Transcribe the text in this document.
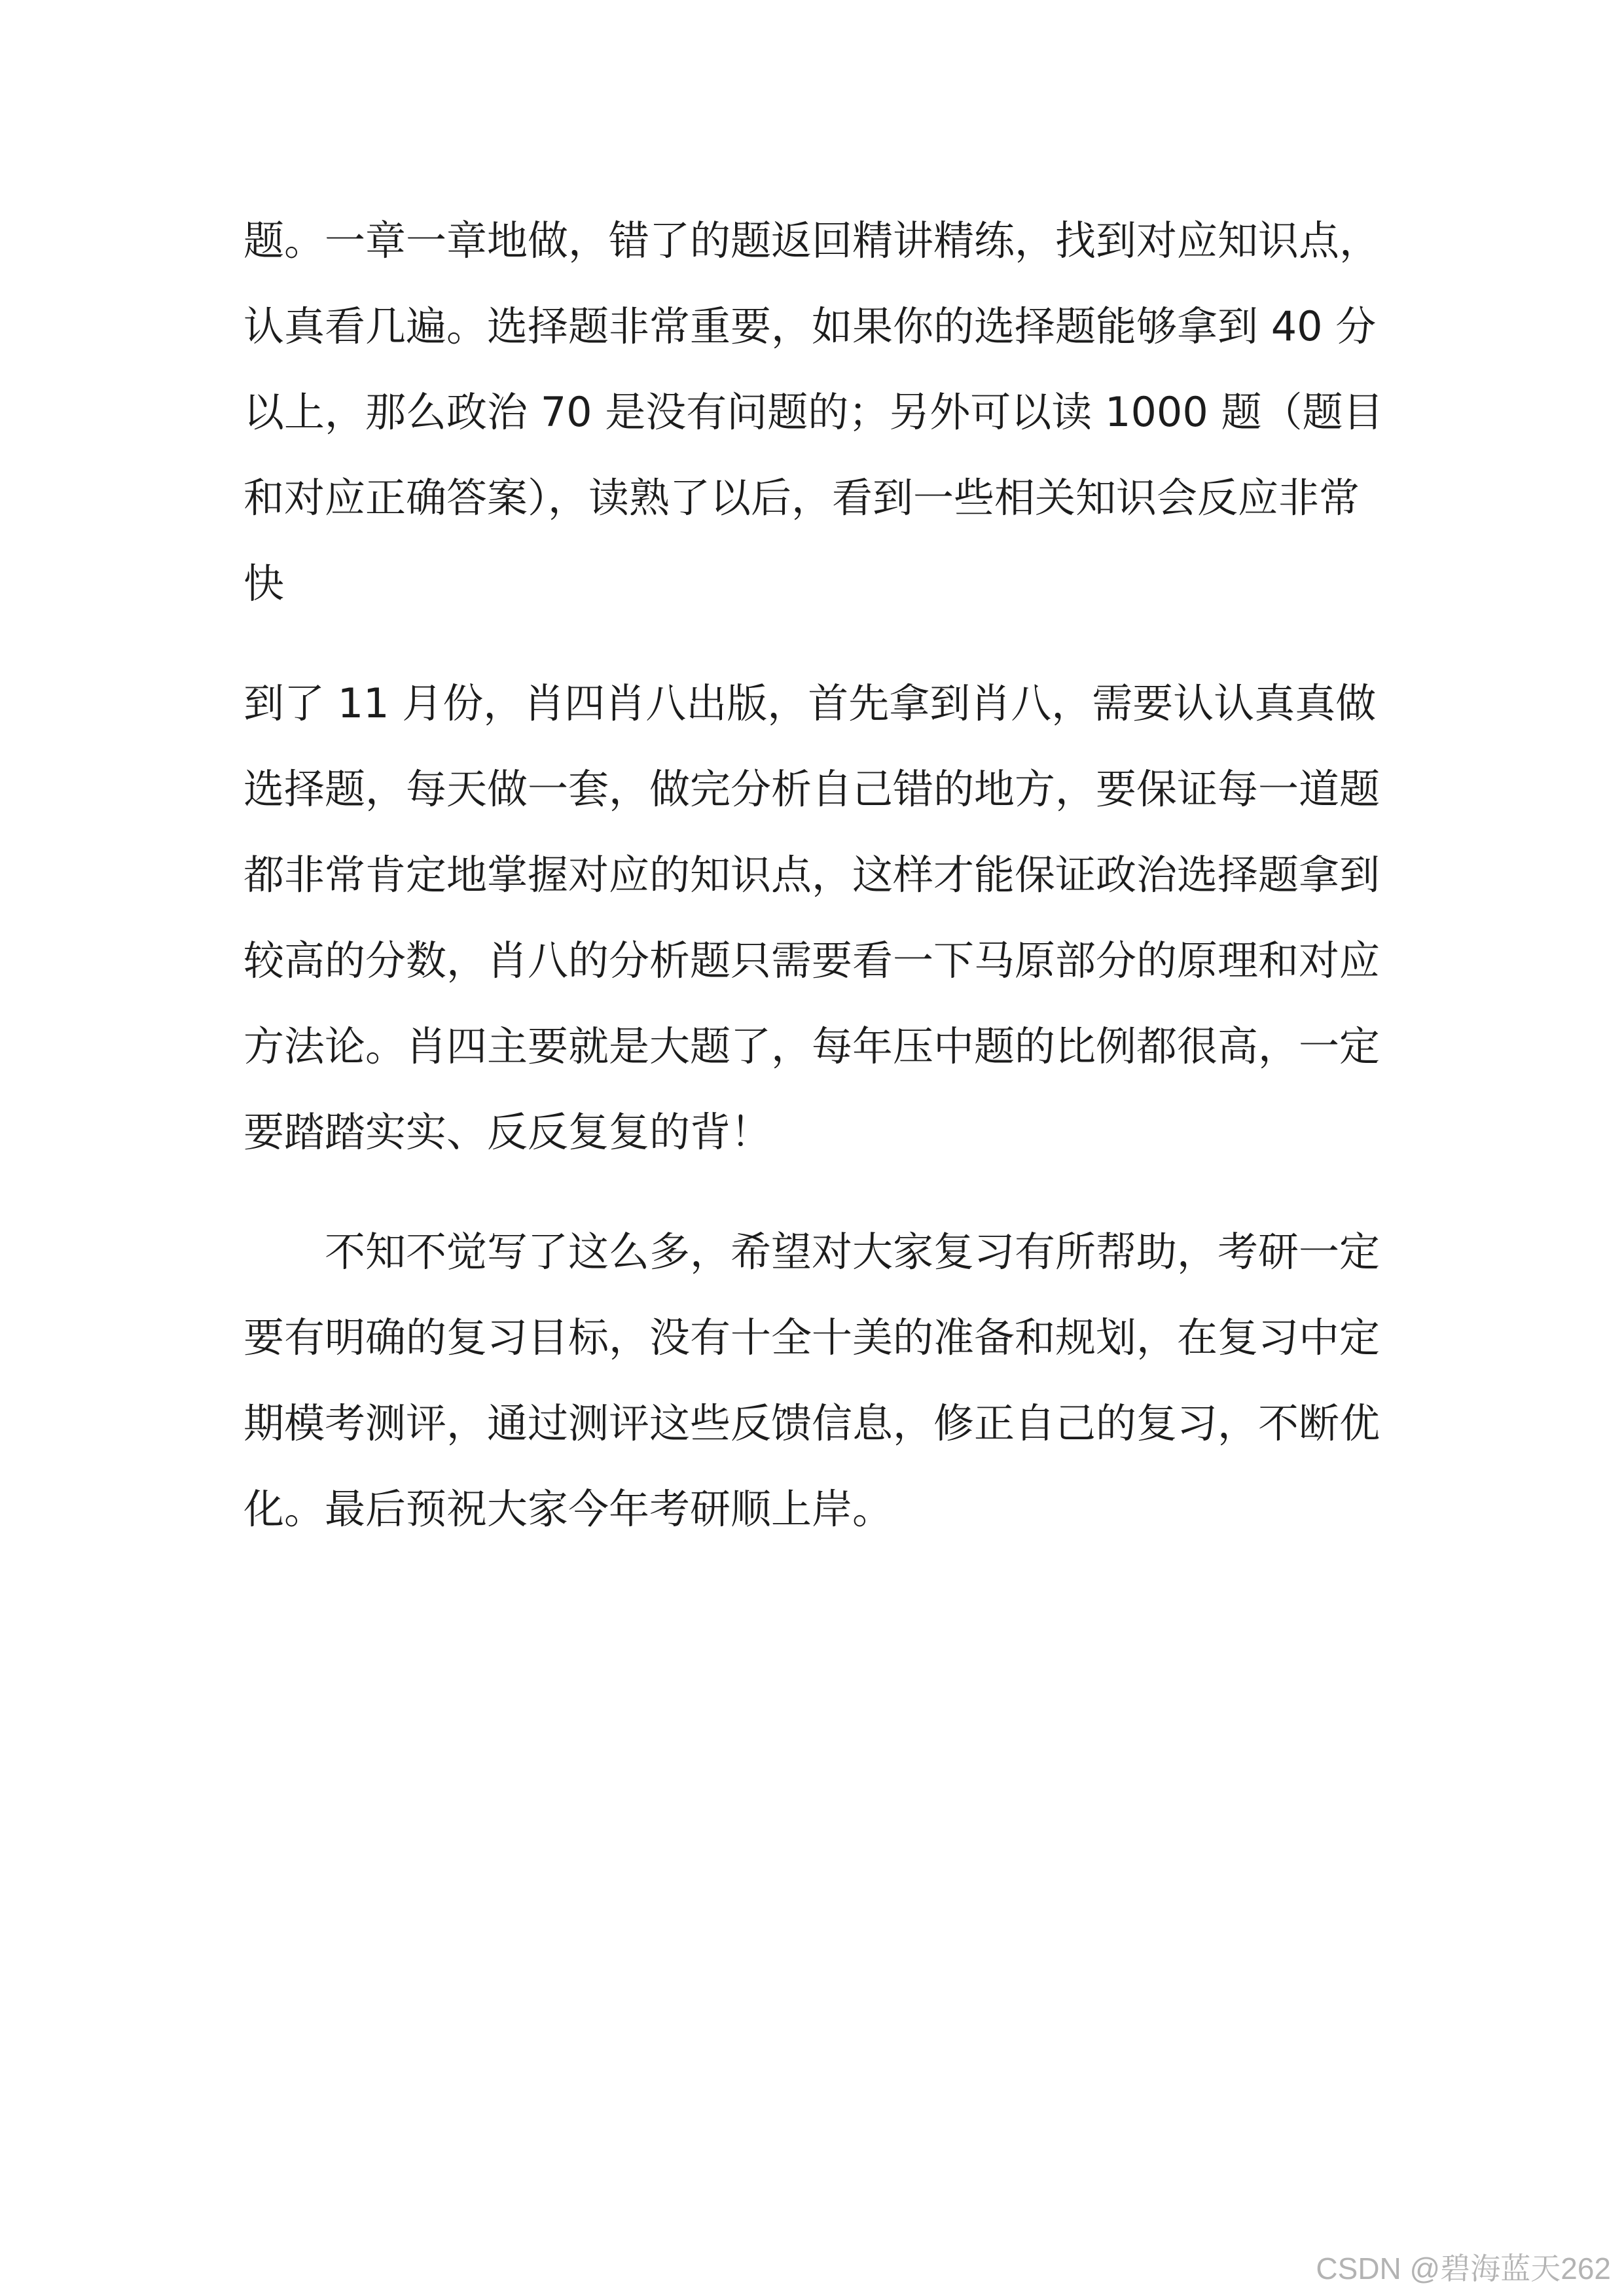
题。一章一章地做，错了的题返回精讲精练，找到对应知识点，
认真看几遍。选择题非常重要，如果你的选择题能够拿到 40 分
以上，那么政治 70 是没有问题的；另外可以读 1000 题（题目
和对应正确答案），读熟了以后，看到一些相关知识会反应非常
快
到了 11 月份，肖四肖八出版，首先拿到肖八，需要认认真真做
选择题，每天做一套，做完分析自己错的地方，要保证每一道题
都非常肯定地掌握对应的知识点，这样才能保证政治选择题拿到
较高的分数，肖八的分析题只需要看一下马原部分的原理和对应
方法论。肖四主要就是大题了，每年压中题的比例都很高，一定
要踏踏实实、反反复复的背！
不知不觉写了这么多，希望对大家复习有所帮助，考研一定
要有明确的复习目标，没有十全十美的准备和规划，在复习中定
期模考测评，通过测评这些反馈信息，修正自己的复习，不断优
化。最后预祝大家今年考研顺上岸。
CSDN @碧海蓝天262
